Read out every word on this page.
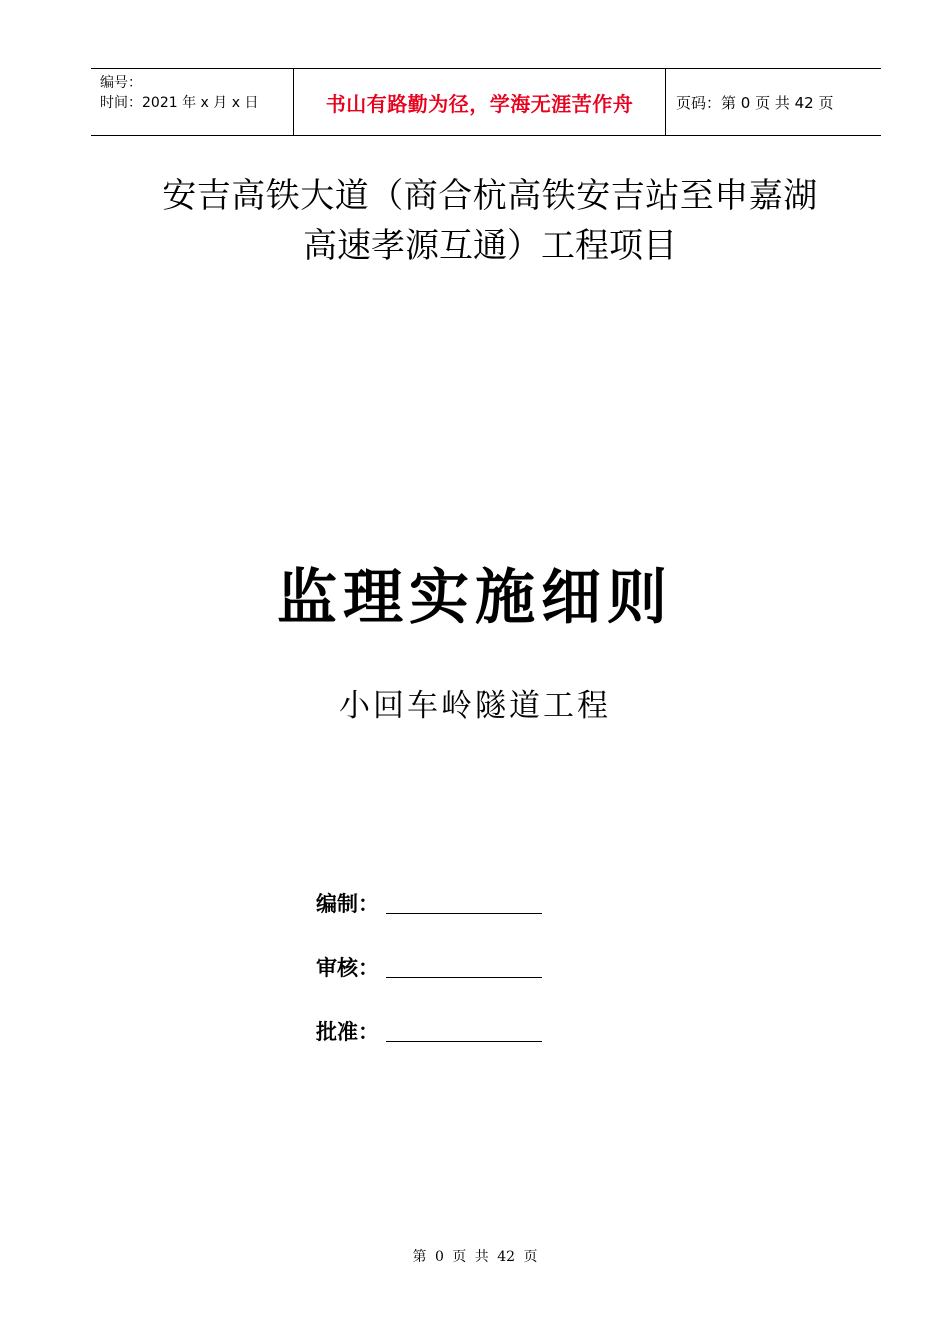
编号：
时间：2021 年 x 月 x 日	书山有路勤为径，学海无涯苦作舟	页码：第 0 页 共 42 页
安吉高铁大道（商合杭高铁安吉站至申嘉湖
高速孝源互通）工程项目
监理实施细则
小回车岭隧道工程
编制：
审核：
批准：
第 0 页 共 42 页
